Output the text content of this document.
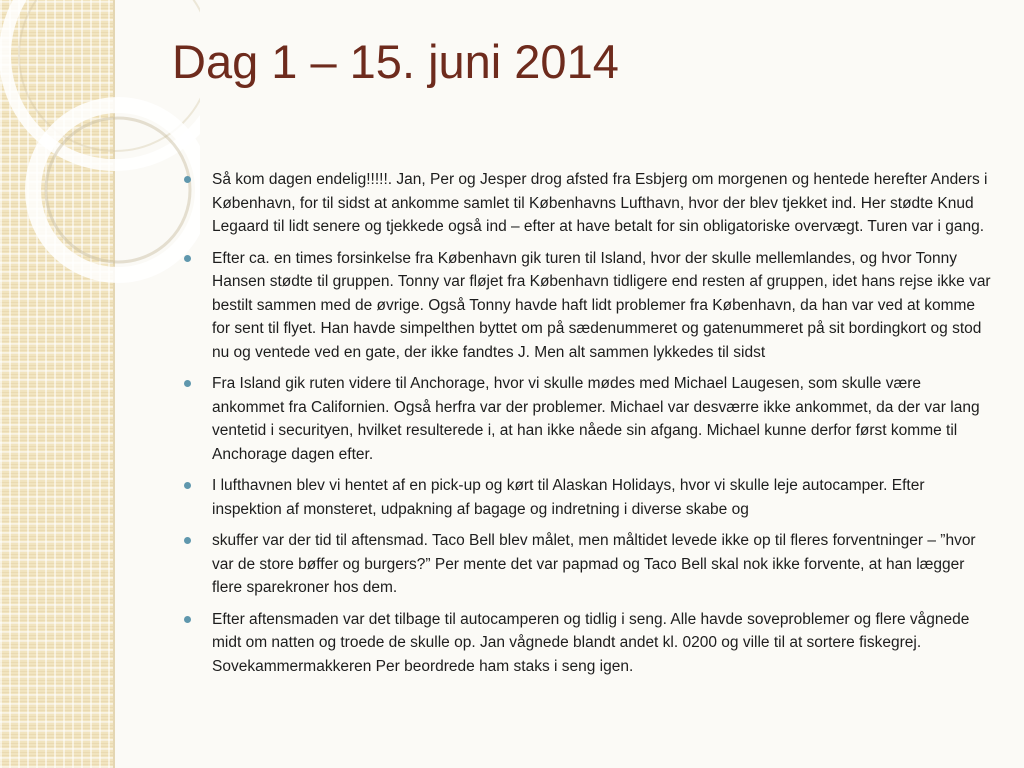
Dag 1 – 15. juni 2014
Så kom dagen endelig!!!!!. Jan, Per og Jesper drog afsted fra Esbjerg om morgenen og hentede herefter Anders i København, for til sidst at ankomme samlet til Københavns Lufthavn, hvor der blev tjekket ind. Her stødte Knud Legaard til lidt senere og tjekkede også ind – efter at have betalt for sin obligatoriske overvægt. Turen var i gang.
Efter ca. en times forsinkelse fra København gik turen til Island, hvor der skulle mellemlandes, og hvor Tonny Hansen stødte til gruppen. Tonny var fløjet fra København tidligere end resten af gruppen, idet hans rejse ikke var bestilt sammen med de øvrige. Også Tonny havde haft lidt problemer fra København, da han var ved at komme for sent til flyet. Han havde simpelthen byttet om på sædenummeret og gatenummeret på sit bordingkort og stod nu og ventede ved en gate, der ikke fandtes J. Men alt sammen lykkedes til sidst
Fra Island gik ruten videre til Anchorage, hvor vi skulle mødes med Michael Laugesen, som skulle være ankommet fra Californien. Også herfra var der problemer. Michael var desværre ikke ankommet, da der var lang ventetid i securityen, hvilket resulterede i, at han ikke nåede sin afgang. Michael kunne derfor først komme til Anchorage dagen efter.
I lufthavnen blev vi hentet af en pick-up og kørt til Alaskan Holidays, hvor vi skulle leje autocamper. Efter inspektion af monsteret, udpakning af bagage og indretning i diverse skabe og
skuffer var der tid til aftensmad. Taco Bell blev målet, men måltidet levede ikke op til fleres forventninger – ”hvor var de store bøffer og burgers?” Per mente det var papmad og Taco Bell skal nok ikke forvente, at han lægger flere sparekroner hos dem.
Efter aftensmaden var det tilbage til autocamperen og tidlig i seng. Alle havde soveproblemer og flere vågnede midt om natten og troede de skulle op. Jan vågnede blandt andet kl. 0200 og ville til at sortere fiskegrej. Sovekammermakkeren Per beordrede ham staks i seng igen.
